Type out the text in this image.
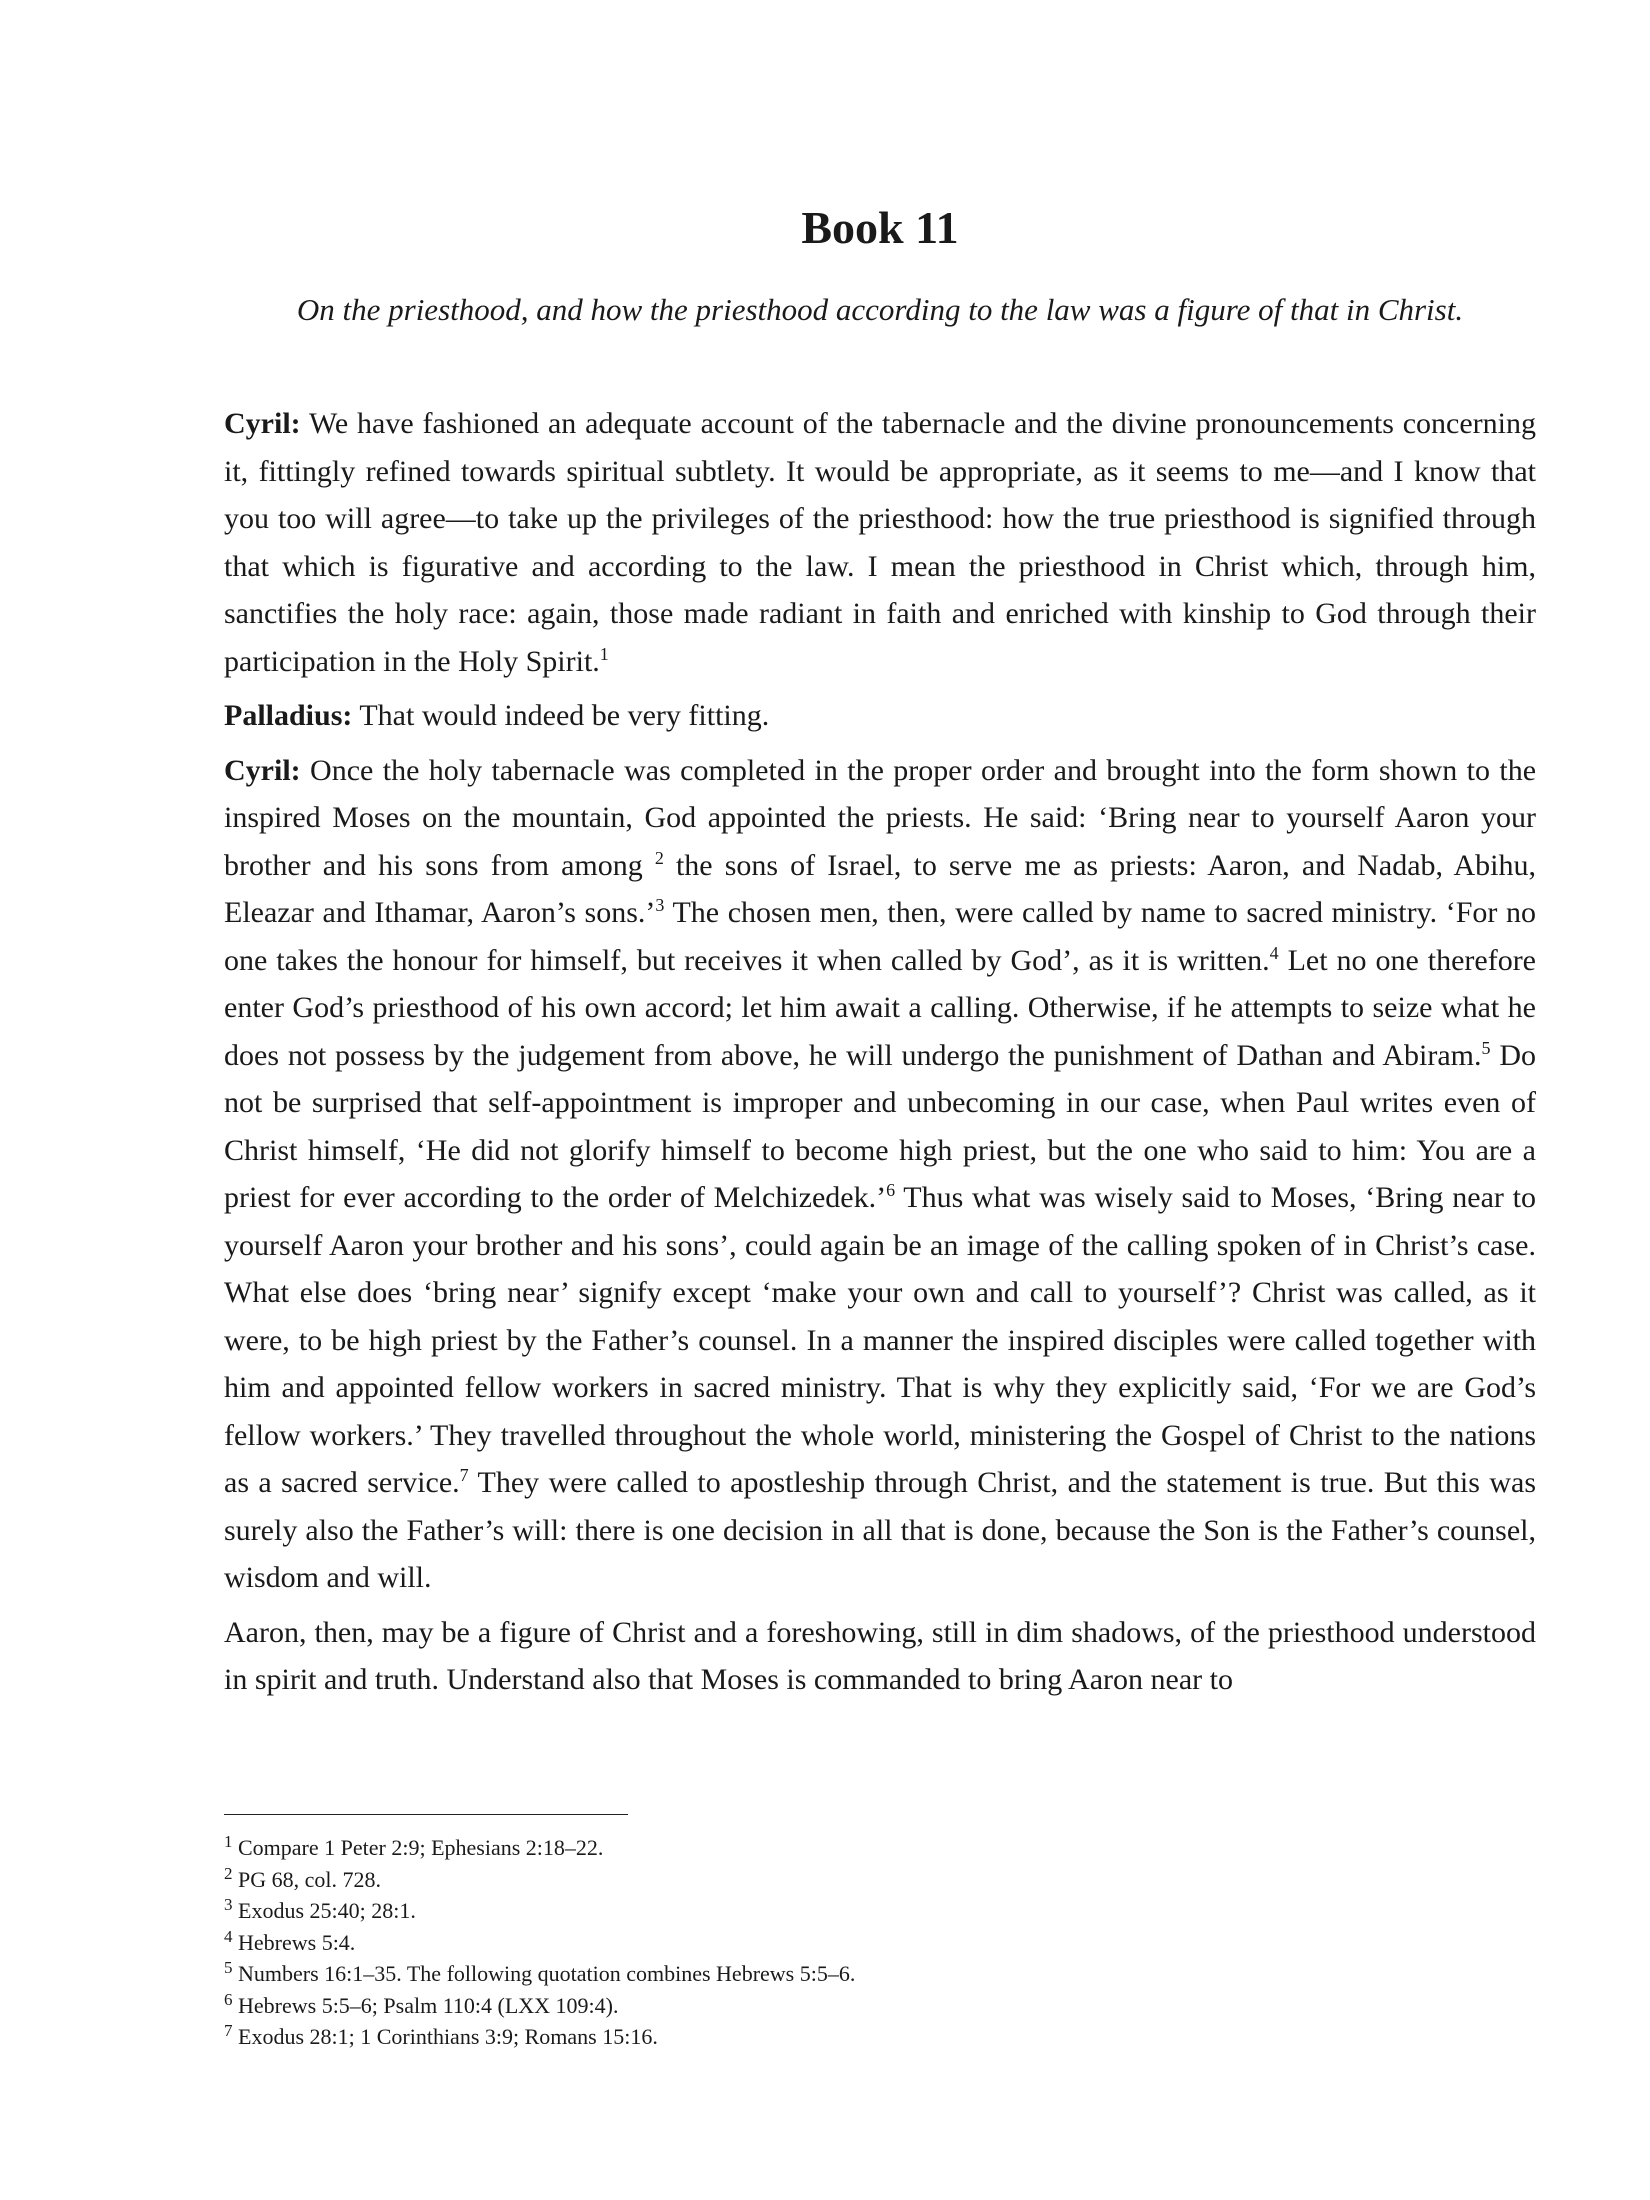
Book 11

On the priesthood, and how the priesthood according to the law was a figure of that in Christ.

Cyril: We have fashioned an adequate account of the tabernacle and the divine pronouncements concerning it, fittingly refined towards spiritual subtlety. It would be appropriate, as it seems to me—and I know that you too will agree—to take up the privileges of the priesthood: how the true priesthood is signified through that which is figurative and according to the law. I mean the priesthood in Christ which, through him, sanctifies the holy race: again, those made radiant in faith and enriched with kinship to God through their participation in the Holy Spirit.$^1$

Palladius: That would indeed be very fitting.

Cyril: Once the holy tabernacle was completed in the proper order and brought into the form shown to the inspired Moses on the mountain, God appointed the priests. He said: ‘Bring near to yourself Aaron your brother and his sons from among $^2$ the sons of Israel, to serve me as priests: Aaron, and Nadab, Abihu, Eleazar and Ithamar, Aaron’s sons.’$^3$ The chosen men, then, were called by name to sacred ministry. ‘For no one takes the honour for himself, but receives it when called by God’, as it is written.$^4$ Let no one therefore enter God’s priesthood of his own accord; let him await a calling. Otherwise, if he attempts to seize what he does not possess by the judgement from above, he will undergo the punishment of Dathan and Abiram.$^5$ Do not be surprised that self-appointment is improper and unbecoming in our case, when Paul writes even of Christ himself, ‘He did not glorify himself to become high priest, but the one who said to him: You are a priest for ever according to the order of Melchizedek.’$^6$ Thus what was wisely said to Moses, ‘Bring near to yourself Aaron your brother and his sons’, could again be an image of the calling spoken of in Christ’s case. What else does ‘bring near’ signify except ‘make your own and call to yourself’? Christ was called, as it were, to be high priest by the Father’s counsel. In a manner the inspired disciples were called together with him and appointed fellow workers in sacred ministry. That is why they explicitly said, ‘For we are God’s fellow workers.’ They travelled throughout the whole world, ministering the Gospel of Christ to the nations as a sacred service.$^7$ They were called to apostleship through Christ, and the statement is true. But this was surely also the Father’s will: there is one decision in all that is done, because the Son is the Father’s counsel, wisdom and will.

Aaron, then, may be a figure of Christ and a foreshowing, still in dim shadows, of the priesthood understood in spirit and truth. Understand also that Moses is commanded to bring Aaron near to

$^1$ Compare 1 Peter 2:9; Ephesians 2:18–22.

$^2$ PG 68, col. 728.

$^3$ Exodus 25:40; 28:1.

$^4$ Hebrews 5:4.

$^5$ Numbers 16:1–35. The following quotation combines Hebrews 5:5–6.

$^6$ Hebrews 5:5–6; Psalm 110:4 (LXX 109:4).

$^7$ Exodus 28:1; 1 Corinthians 3:9; Romans 15:16.
